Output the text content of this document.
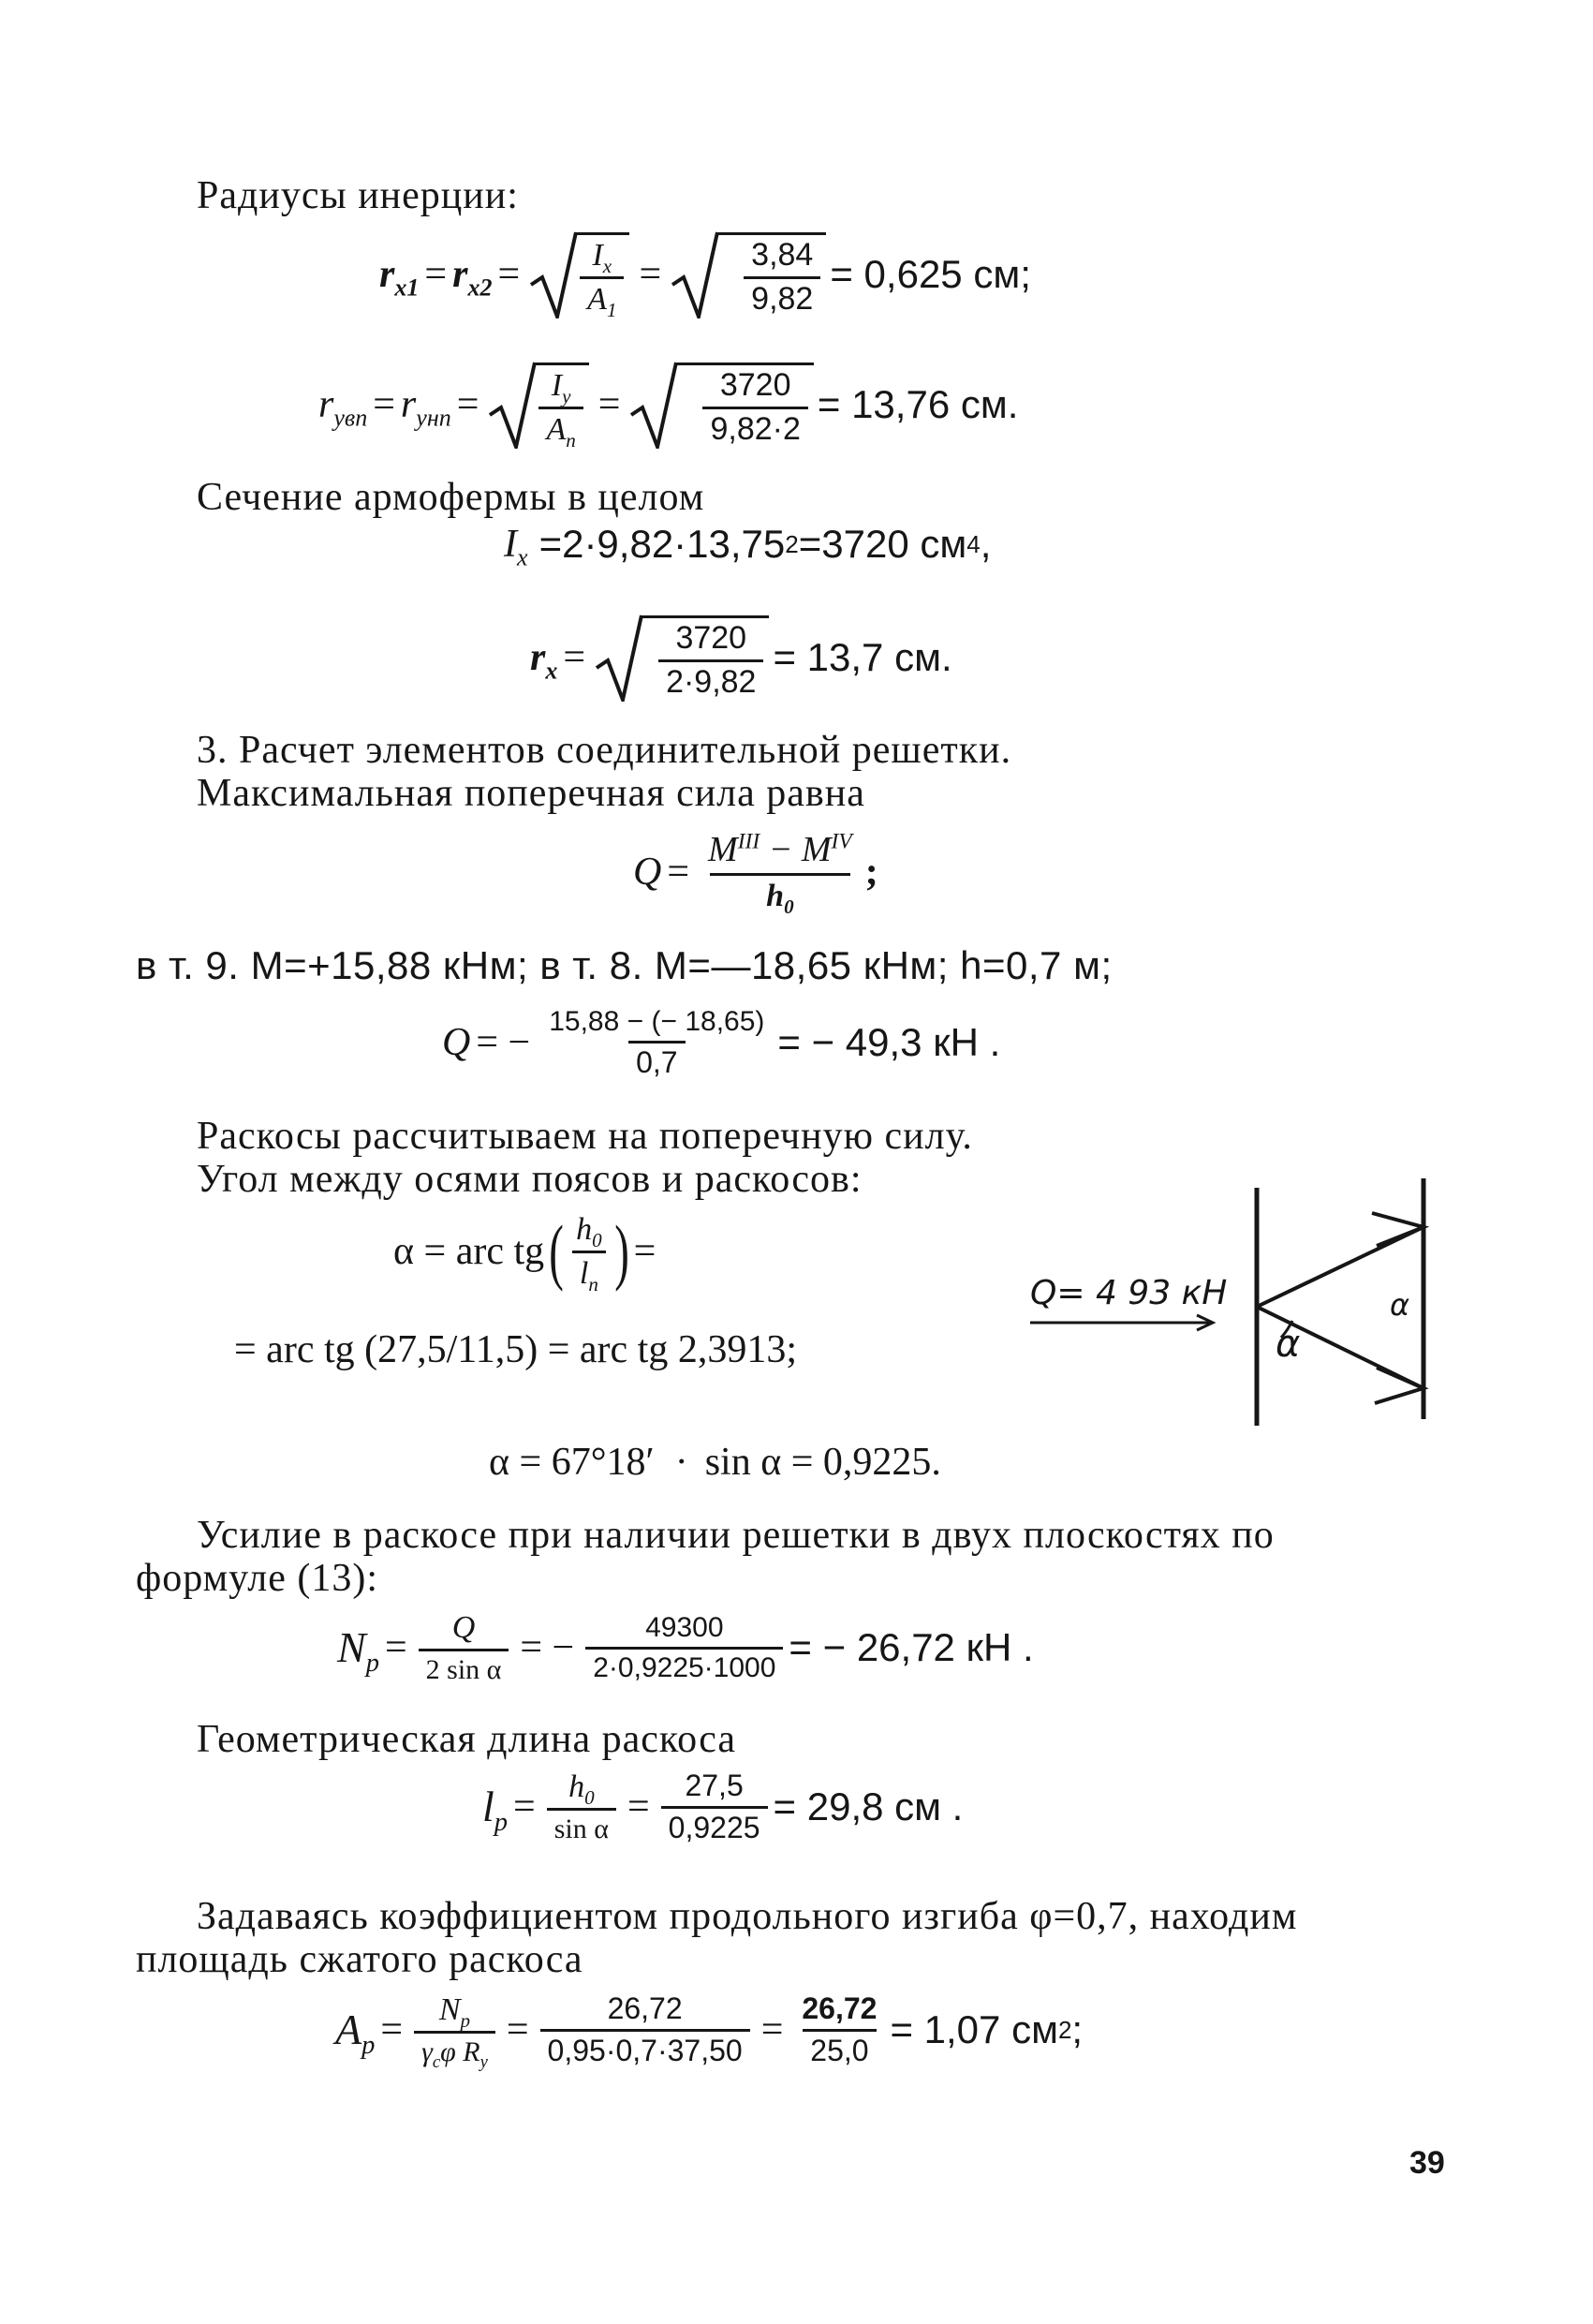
Радиусы инерции:
$r_{x1} = r_{x2} = \frac{I_x}{A_1}$ =	$\frac{3,84}{9,82} = 0,625$ см;
$r_{yвп} = r_{yнп} = \frac{I_y}{A_п}$ =	$\frac{3720}{9,82\cdot 2} = 13,76$ см.
Сечение армофермы в целом
$I_x =2\cdot 9,82\cdot 13,75$ 2 =3720 см 4 ,
$r_x = \frac{3720}{2\cdot 9,82} = 13,7$ см.
3. Расчет элементов соединительной решетки.
Максимальная поперечная сила равна
$Q = \frac{M^{III} - M^{IV}}{h_0}$ ;
в т. 9. М=+15,88 кНм; в т. 8. М=—18,65 кНм; h=0,7 м;
Q = − $\frac{15,88 - (- 18,65)}{0,7}$ = − 49,3 кН .
Раскосы рассчитываем на поперечную силу.
Угол между осями поясов и раскосов:
α = arc tg ( $\frac{h_0}{l_n}$ ) =
= arc tg (27,5/11,5) = arc tg 2,3913;
α = 67°18′ · sin α = 0,9225.
Q= 4 93 кН
α
α
Усилие в раскосе при наличии решетки в двух плоскостях по
формуле (13):
$N_p = \frac{Q}{\text{2 sin α}}$ = − $\frac{49300}{2\cdot 0,9225\cdot 1000}$ = − 26,72 кН .
Геометрическая длина раскоса
$l_p = \frac{h_0}{\text{sin α}} = \frac{27,5}{0,9225} = 29,8$ см .
Задаваясь коэффициентом продольного изгиба φ=0,7, находим
площадь сжатого раскоса
$A_p = \frac{N_p}{\gamma_c\varphi R_y} = \frac{26,72}{0,95\cdot 0,7\cdot 37,50} = \frac{26,72}{25,0} = 1,07$ см 2 ;
39
